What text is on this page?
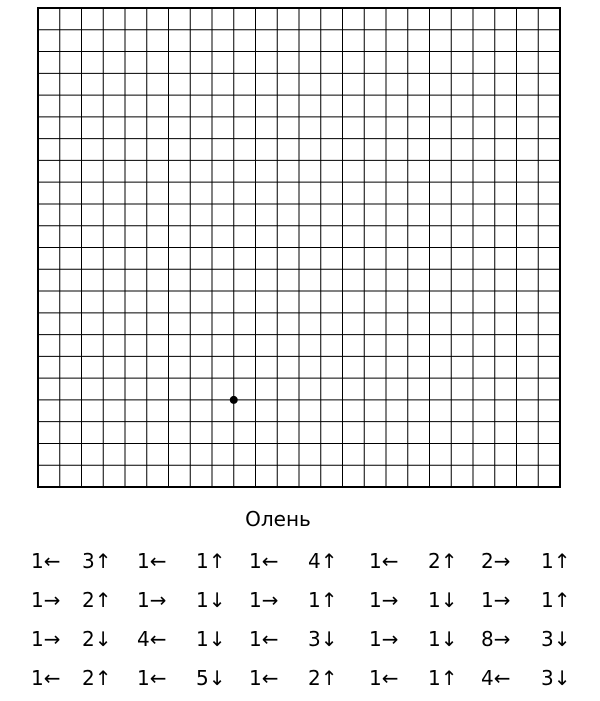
Олень
1← 3↑ 1← 1↑ 1← 4↑ 1← 2↑ 2→ 1↑
1→ 2↑ 1→ 1↓ 1→ 1↑ 1→ 1↓ 1→ 1↑
1→ 2↓ 4← 1↓ 1← 3↓ 1→ 1↓ 8→ 3↓
1← 2↑ 1← 5↓ 1← 2↑ 1← 1↑ 4← 3↓
